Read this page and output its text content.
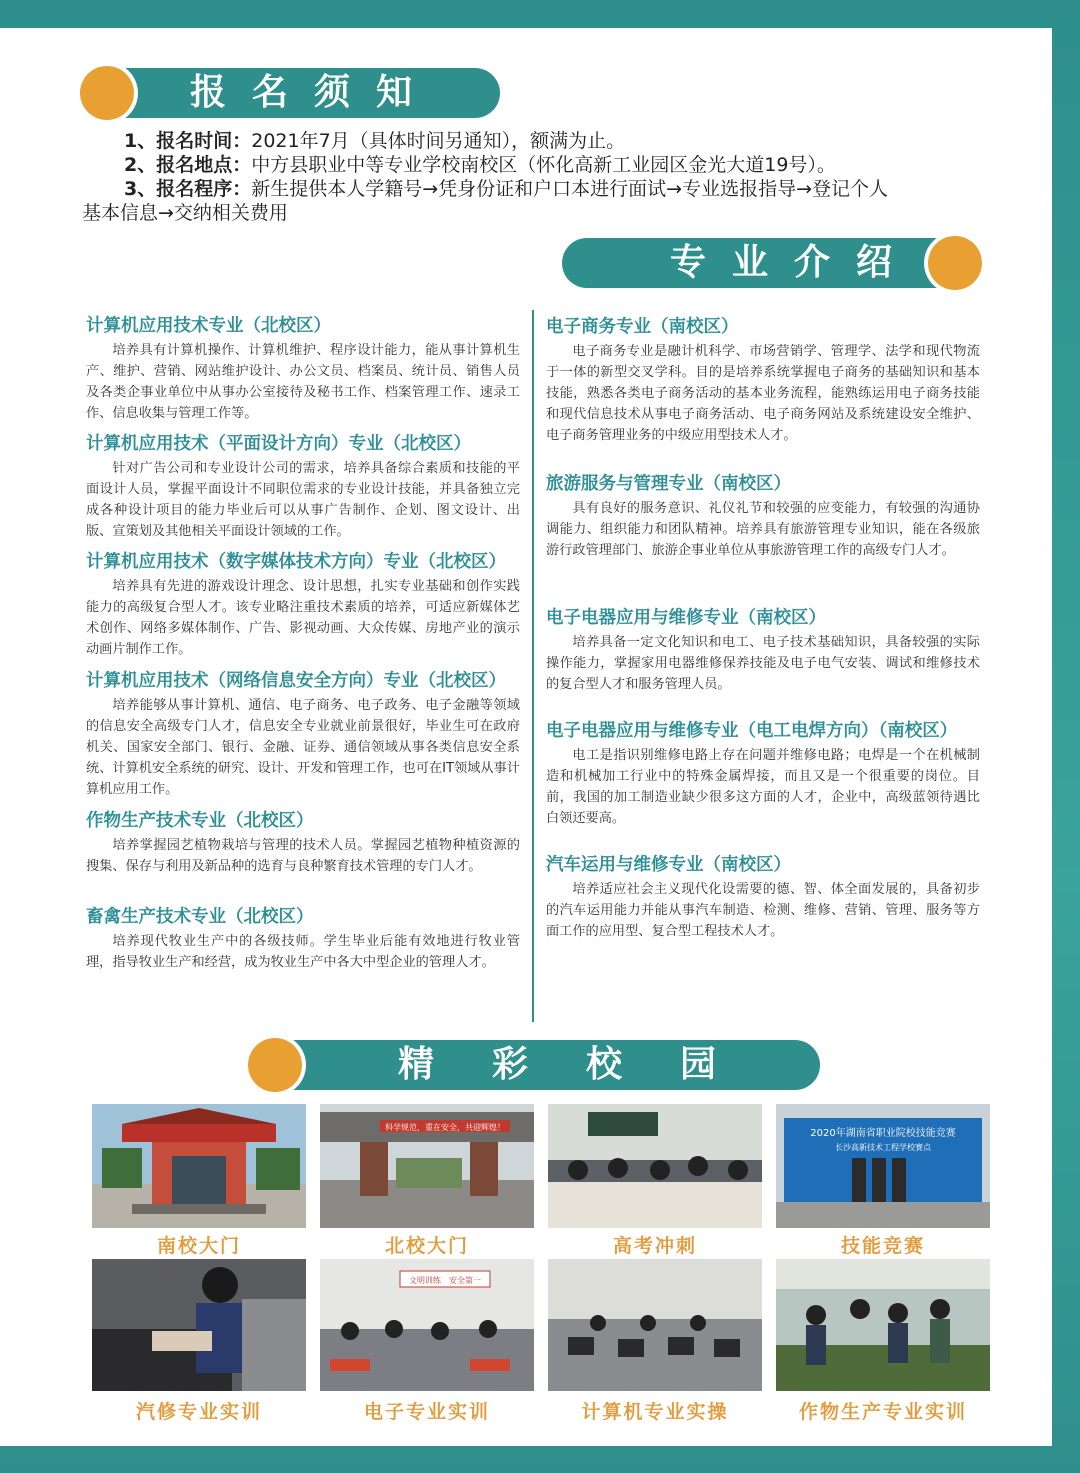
报名须知
1、报名时间：2021年7月（具体时间另通知），额满为止。
2、报名地点：中方县职业中等专业学校南校区（怀化高新工业园区金光大道19号）。
3、报名程序：新生提供本人学籍号→凭身份证和户口本进行面试→专业选报指导→登记个人
基本信息→交纳相关费用
专业介绍
计算机应用技术专业（北校区）

培养具有计算机操作、计算机维护、程序设计能力，能从事计算机生产、维护、营销、网站维护设计、办公文员、档案员、统计员、销售人员及各类企事业单位中从事办公室接待及秘书工作、档案管理工作、速录工作、信息收集与管理工作等。

计算机应用技术（平面设计方向）专业（北校区）

针对广告公司和专业设计公司的需求，培养具备综合素质和技能的平面设计人员，掌握平面设计不同职位需求的专业设计技能，并具备独立完成各种设计项目的能力毕业后可以从事广告制作、企划、图文设计、出版、宣策划及其他相关平面设计领域的工作。

计算机应用技术（数字媒体技术方向）专业（北校区）

培养具有先进的游戏设计理念、设计思想，扎实专业基础和创作实践能力的高级复合型人才。该专业略注重技术素质的培养，可适应新媒体艺术创作、网络多媒体制作、广告、影视动画、大众传媒、房地产业的演示动画片制作工作。

计算机应用技术（网络信息安全方向）专业（北校区）

培养能够从事计算机、通信、电子商务、电子政务、电子金融等领域的信息安全高级专门人才，信息安全专业就业前景很好，毕业生可在政府机关、国家安全部门、银行、金融、证券、通信领域从事各类信息安全系统、计算机安全系统的研究、设计、开发和管理工作，也可在IT领域从事计算机应用工作。

作物生产技术专业（北校区）

培养掌握园艺植物栽培与管理的技术人员。掌握园艺植物种植资源的搜集、保存与利用及新品种的选育与良种繁育技术管理的专门人才。

畜禽生产技术专业（北校区）

培养现代牧业生产中的各级技师。学生毕业后能有效地进行牧业管理，指导牧业生产和经营，成为牧业生产中各大中型企业的管理人才。

电子商务专业（南校区）

电子商务专业是融计机科学、市场营销学、管理学、法学和现代物流于一体的新型交叉学科。目的是培养系统掌握电子商务的基础知识和基本技能，熟悉各类电子商务活动的基本业务流程，能熟练运用电子商务技能和现代信息技术从事电子商务活动、电子商务网站及系统建设安全维护、电子商务管理业务的中级应用型技术人才。

旅游服务与管理专业（南校区）

具有良好的服务意识、礼仪礼节和较强的应变能力，有较强的沟通协调能力、组织能力和团队精神。培养具有旅游管理专业知识，能在各级旅游行政管理部门、旅游企事业单位从事旅游管理工作的高级专门人才。

电子电器应用与维修专业（南校区）

培养具备一定文化知识和电工、电子技术基础知识，具备较强的实际操作能力，掌握家用电器维修保养技能及电子电气安装、调试和维修技术的复合型人才和服务管理人员。

电子电器应用与维修专业（电工电焊方向）（南校区）

电工是指识别维修电路上存在问题并维修电路；电焊是一个在机械制造和机械加工行业中的特殊金属焊接，而且又是一个很重要的岗位。目前，我国的加工制造业缺少很多这方面的人才，企业中，高级蓝领待遇比白领还要高。

汽车运用与维修专业（南校区）

培养适应社会主义现代化设需要的德、智、体全面发展的，具备初步的汽车运用能力并能从事汽车制造、检测、维修、营销、管理、服务等方面工作的应用型、复合型工程技术人才。

精彩校园
科学规范，重在安全，共迎辉煌！
2020年湖南省职业院校技能竞赛
长沙高新技术工程学校赛点
南校大门	北校大门	高考冲刺	技能竞赛
文明训练　安全第一
汽修专业实训	电子专业实训	计算机专业实操	作物生产专业实训
